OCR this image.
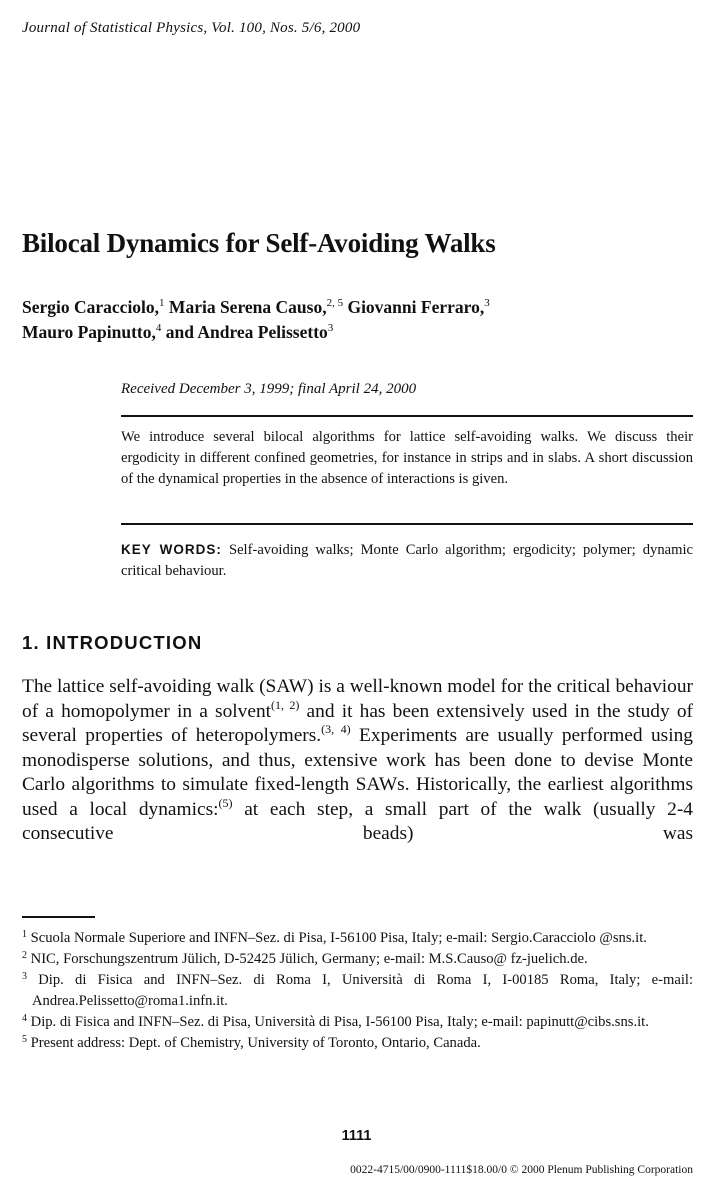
Journal of Statistical Physics, Vol. 100, Nos. 5/6, 2000
Bilocal Dynamics for Self-Avoiding Walks
Sergio Caracciolo,$^1$ Maria Serena Causo,$^{2, 5}$ Giovanni Ferraro,$^3$
Mauro Papinutto,$^4$ and Andrea Pelissetto$^3$
Received December 3, 1999; final April 24, 2000
We introduce several bilocal algorithms for lattice self-avoiding walks. We discuss their ergodicity in different confined geometries, for instance in strips and in slabs. A short discussion of the dynamical properties in the absence of interactions is given.
KEY WORDS: Self-avoiding walks; Monte Carlo algorithm; ergodicity; polymer; dynamic critical behaviour.
1. INTRODUCTION
The lattice self-avoiding walk (SAW) is a well-known model for the critical behaviour of a homopolymer in a solvent$^{(1, 2)}$ and it has been extensively used in the study of several properties of heteropolymers.$^{(3, 4)}$ Experiments are usually performed using monodisperse solutions, and thus, extensive work has been done to devise Monte Carlo algorithms to simulate fixed-length SAWs. Historically, the earliest algorithms used a local dynamics:$^{(5)}$ at each step, a small part of the walk (usually 2-4 consecutive beads) was
$^1$ Scuola Normale Superiore and INFN–Sez. di Pisa, I-56100 Pisa, Italy; e-mail: Sergio.Caracciolo @sns.it.
$^2$ NIC, Forschungszentrum Jülich, D-52425 Jülich, Germany; e-mail: M.S.Causo@ fz-juelich.de.
$^3$ Dip. di Fisica and INFN–Sez. di Roma I, Università di Roma I, I-00185 Roma, Italy; e-mail: Andrea.Pelissetto@roma1.infn.it.
$^4$ Dip. di Fisica and INFN–Sez. di Pisa, Università di Pisa, I-56100 Pisa, Italy; e-mail: papinutt@cibs.sns.it.
$^5$ Present address: Dept. of Chemistry, University of Toronto, Ontario, Canada.
1111
0022-4715/00/0900-1111$18.00/0 © 2000 Plenum Publishing Corporation
